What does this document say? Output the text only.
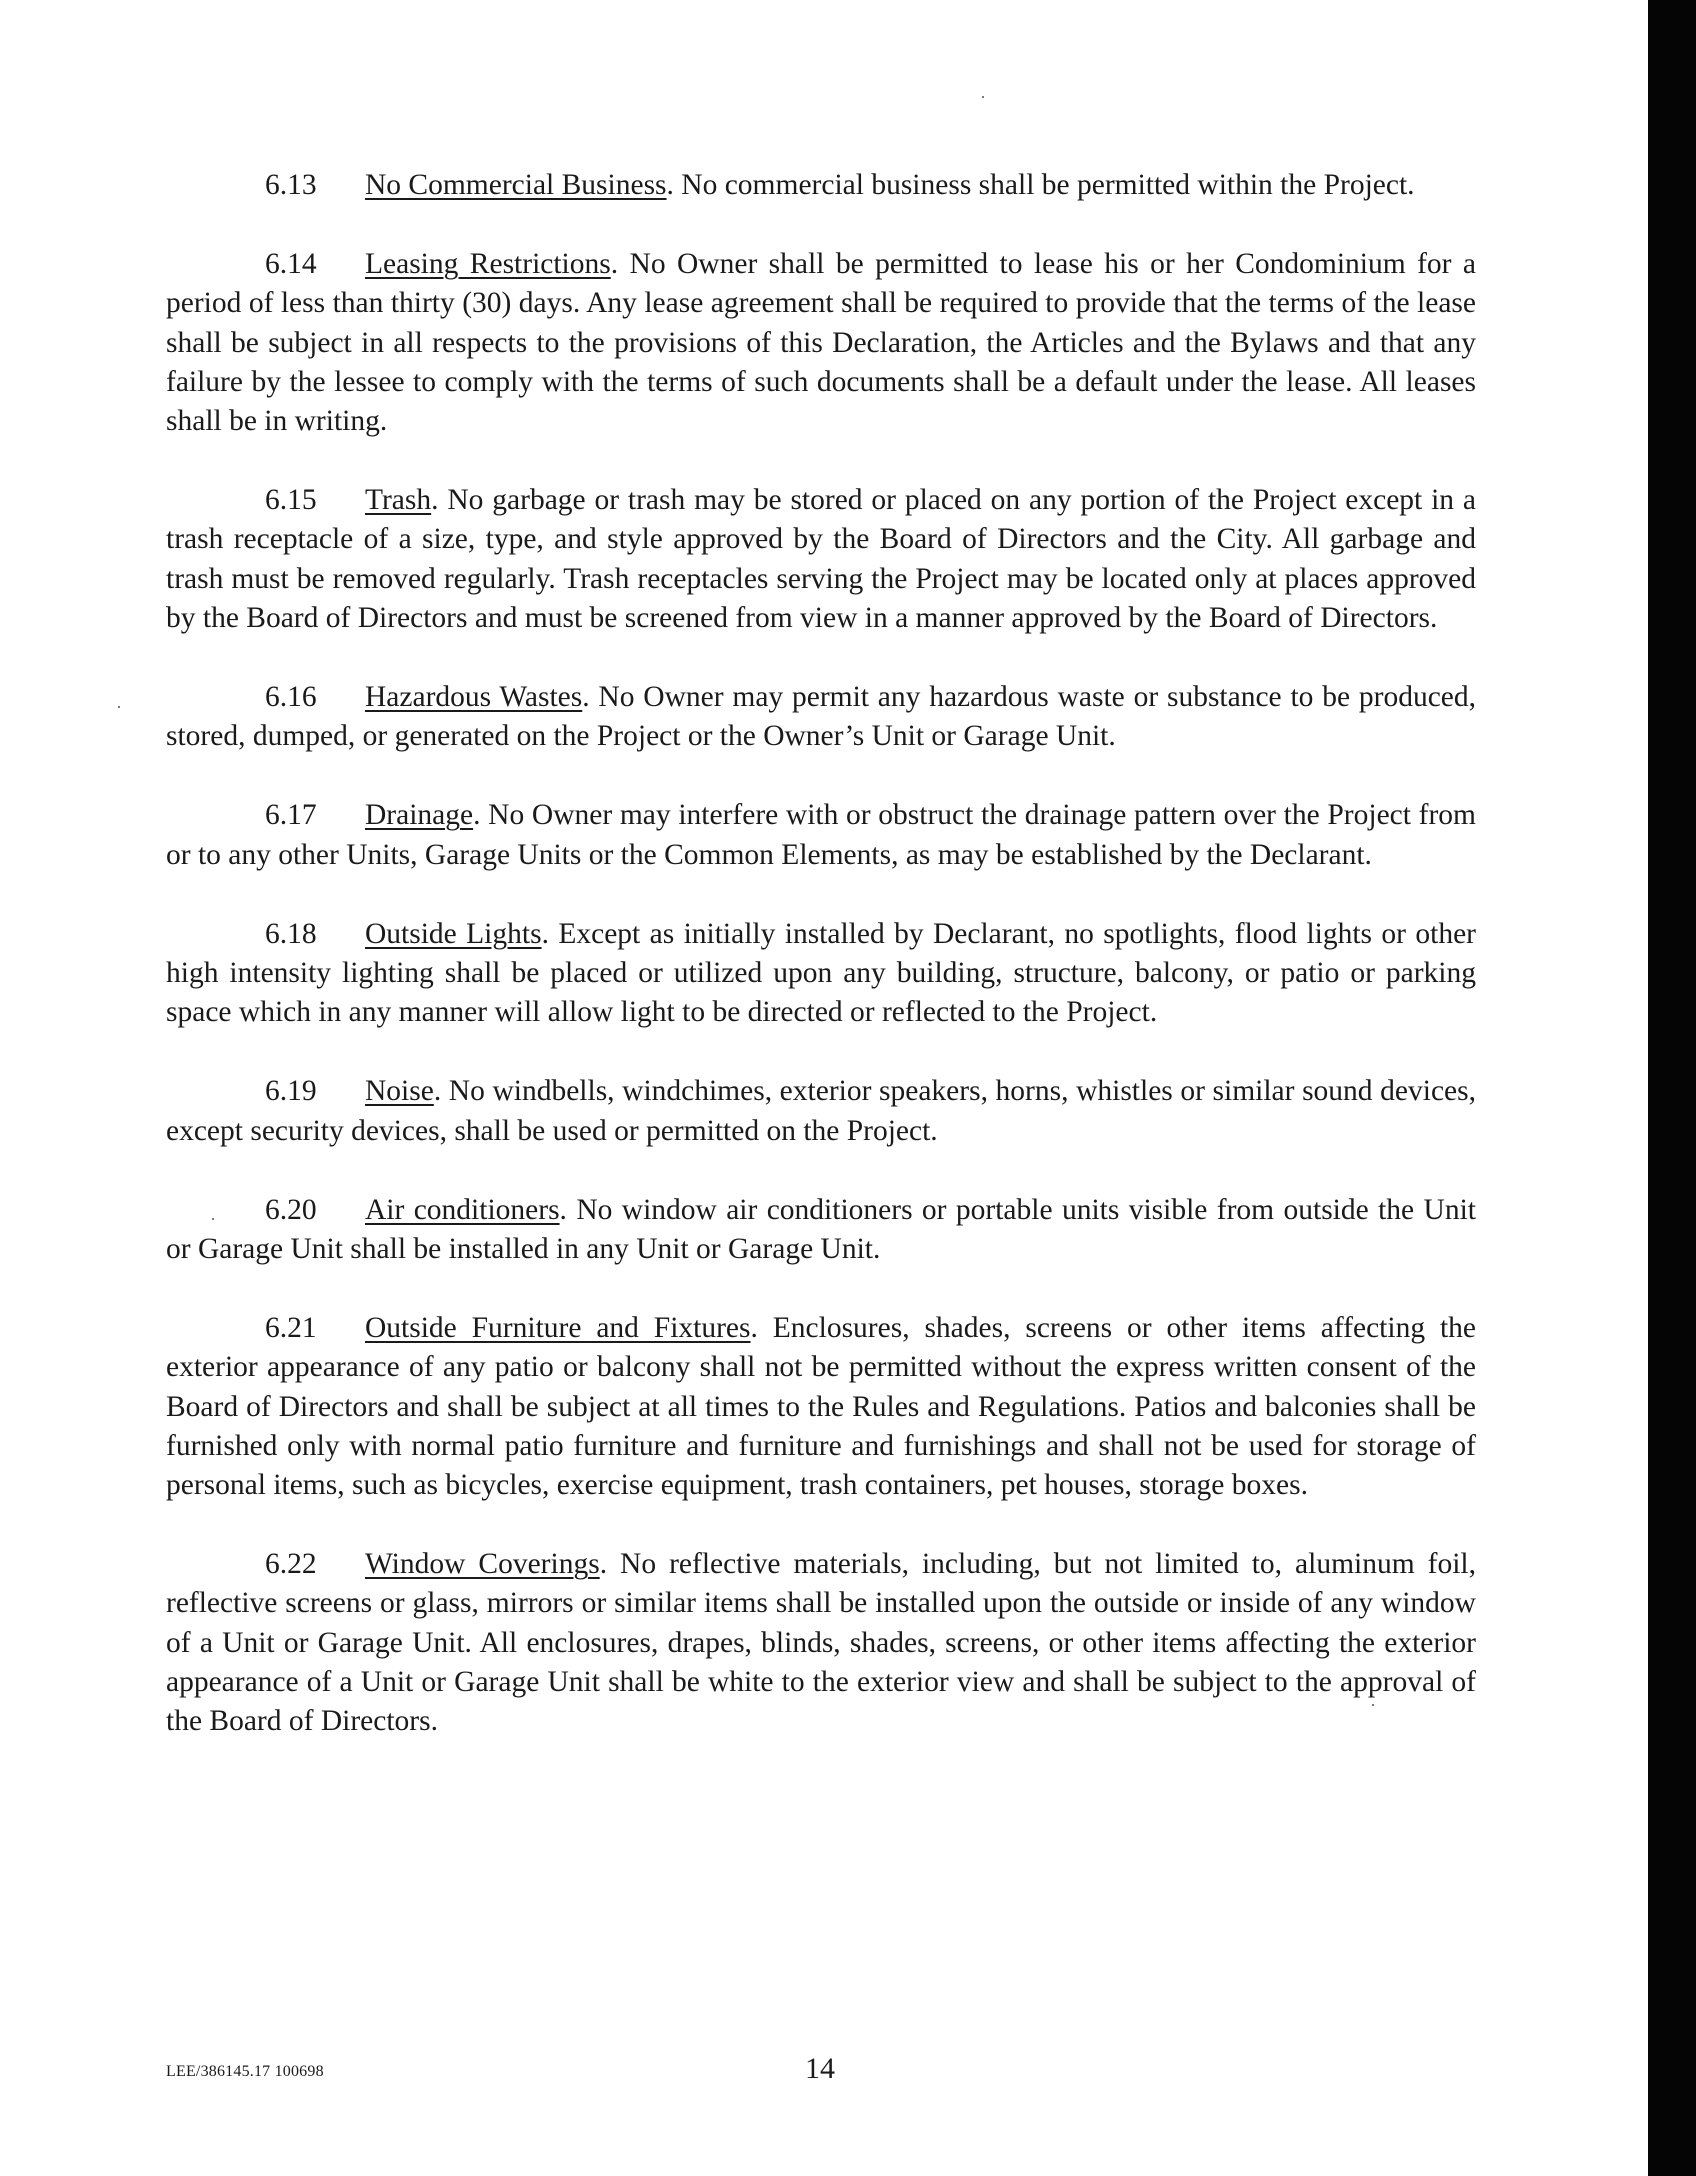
6.13 No Commercial Business. No commercial business shall be permitted within the Project.

6.14 Leasing Restrictions. No Owner shall be permitted to lease his or her Condominium for a period of less than thirty (30) days. Any lease agreement shall be required to provide that the terms of the lease shall be subject in all respects to the provisions of this Declaration, the Articles and the Bylaws and that any failure by the lessee to comply with the terms of such documents shall be a default under the lease. All leases shall be in writing.

6.15 Trash. No garbage or trash may be stored or placed on any portion of the Project except in a trash receptacle of a size, type, and style approved by the Board of Directors and the City. All garbage and trash must be removed regularly. Trash receptacles serving the Project may be located only at places approved by the Board of Directors and must be screened from view in a manner approved by the Board of Directors.

6.16 Hazardous Wastes. No Owner may permit any hazardous waste or substance to be produced, stored, dumped, or generated on the Project or the Owner’s Unit or Garage Unit.

6.17 Drainage. No Owner may interfere with or obstruct the drainage pattern over the Project from or to any other Units, Garage Units or the Common Elements, as may be established by the Declarant.

6.18 Outside Lights. Except as initially installed by Declarant, no spotlights, flood lights or other high intensity lighting shall be placed or utilized upon any building, structure, balcony, or patio or parking space which in any manner will allow light to be directed or reflected to the Project.

6.19 Noise. No windbells, windchimes, exterior speakers, horns, whistles or similar sound devices, except security devices, shall be used or permitted on the Project.

6.20 Air conditioners. No window air conditioners or portable units visible from outside the Unit or Garage Unit shall be installed in any Unit or Garage Unit.

6.21 Outside Furniture and Fixtures. Enclosures, shades, screens or other items affecting the exterior appearance of any patio or balcony shall not be permitted without the express written consent of the Board of Directors and shall be subject at all times to the Rules and Regulations. Patios and balconies shall be furnished only with normal patio furniture and furniture and furnishings and shall not be used for storage of personal items, such as bicycles, exercise equipment, trash containers, pet houses, storage boxes.

6.22 Window Coverings. No reflective materials, including, but not limited to, aluminum foil, reflective screens or glass, mirrors or similar items shall be installed upon the outside or inside of any window of a Unit or Garage Unit. All enclosures, drapes, blinds, shades, screens, or other items affecting the exterior appearance of a Unit or Garage Unit shall be white to the exterior view and shall be subject to the approval of the Board of Directors.

LEE/386145.17 100698	14
